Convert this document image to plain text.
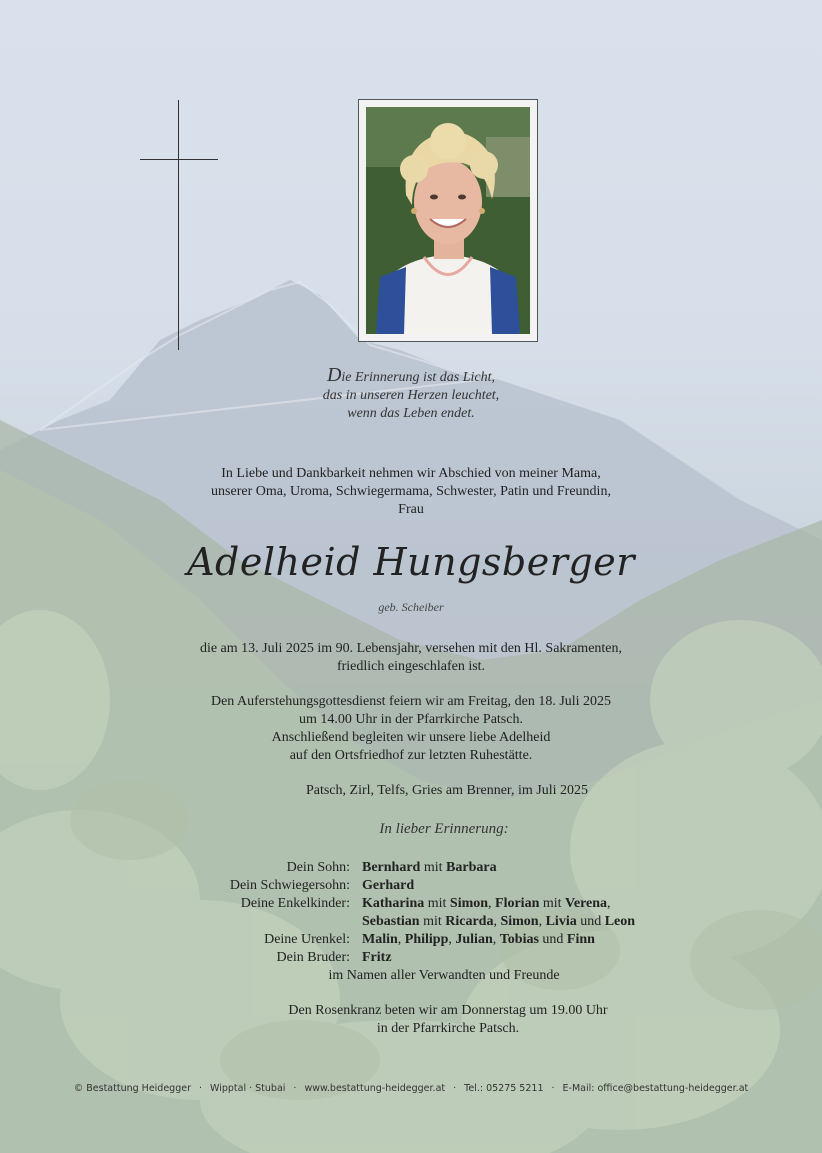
Die Erinnerung ist das Licht,
das in unseren Herzen leuchtet,
wenn das Leben endet.
In Liebe und Dankbarkeit nehmen wir Abschied von meiner Mama,
unserer Oma, Uroma, Schwiegermama, Schwester, Patin und Freundin,
Frau
Adelheid Hungsberger
geb. Scheiber
die am 13. Juli 2025 im 90. Lebensjahr, versehen mit den Hl. Sakramenten,
friedlich eingeschlafen ist.
Den Auferstehungsgottesdienst feiern wir am Freitag, den 18. Juli 2025
um 14.00 Uhr in der Pfarrkirche Patsch.
Anschließend begleiten wir unsere liebe Adelheid
auf den Ortsfriedhof zur letzten Ruhestätte.
Patsch, Zirl, Telfs, Gries am Brenner, im Juli 2025
In lieber Erinnerung:
Dein Sohn: Bernhard mit Barbara
Dein Schwiegersohn: Gerhard
Deine Enkelkinder: Katharina mit Simon, Florian mit Verena,
Sebastian mit Ricarda, Simon, Livia und Leon
Deine Urenkel: Malin, Philipp, Julian, Tobias und Finn
Dein Bruder: Fritz
im Namen aller Verwandten und Freunde
Den Rosenkranz beten wir am Donnerstag um 19.00 Uhr
in der Pfarrkirche Patsch.
© Bestattung Heidegger · Wipptal · Stubai · www.bestattung-heidegger.at · Tel.: 05275 5211 · E-Mail: office@bestattung-heidegger.at
